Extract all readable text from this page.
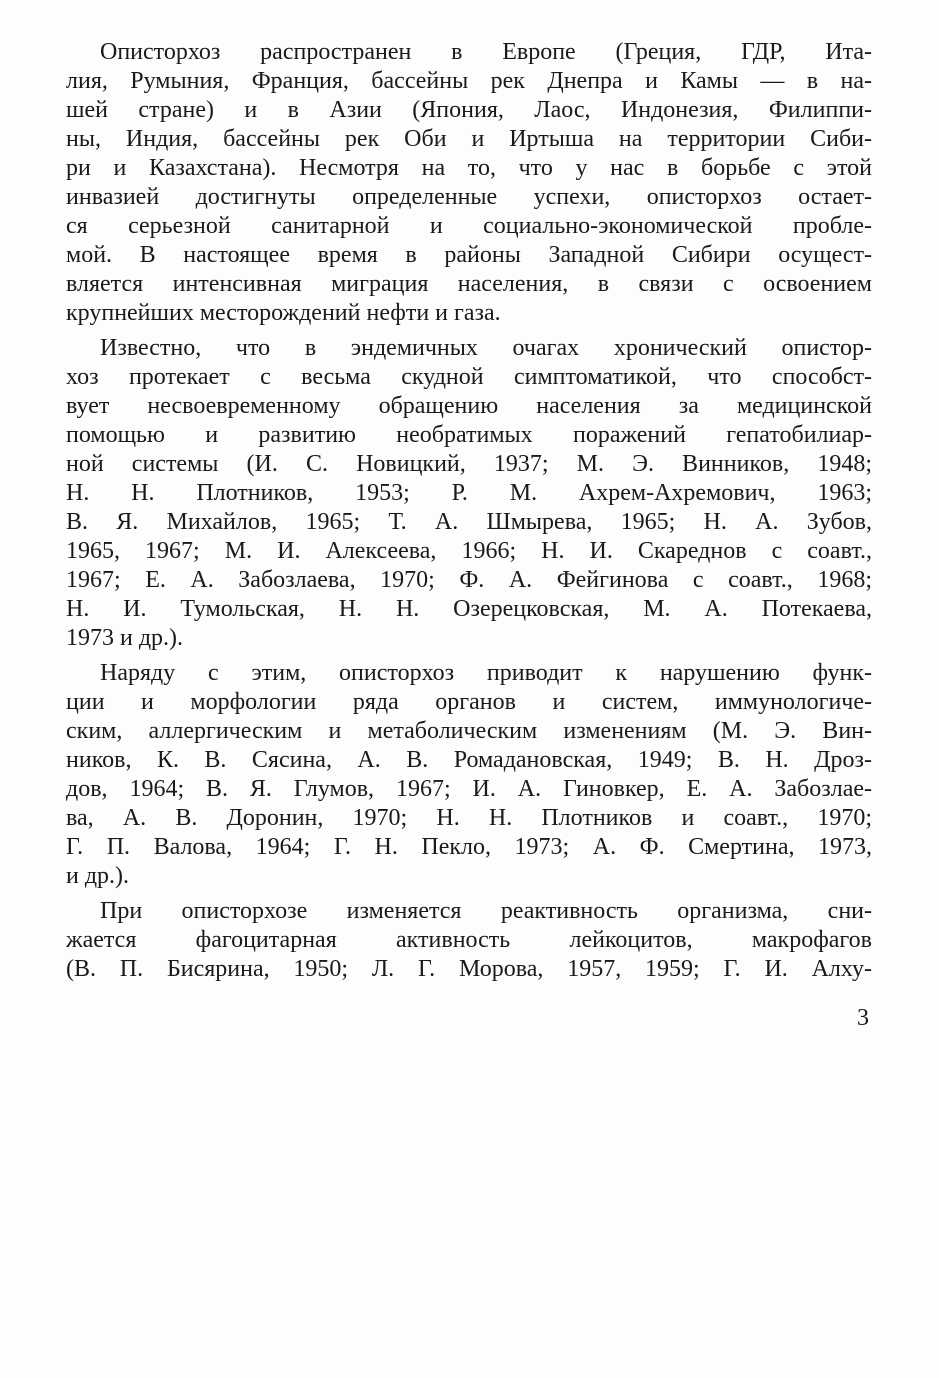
Описторхоз распространен в Европе (Греция, ГДР, Ита-
лия, Румыния, Франция, бассейны рек Днепра и Камы — в на-
шей стране) и в Азии (Япония, Лаос, Индонезия, Филиппи-
ны, Индия, бассейны рек Оби и Иртыша на территории Сиби-
ри и Казахстана). Несмотря на то, что у нас в борьбе с этой
инвазией достигнуты определенные успехи, описторхоз остает-
ся серьезной санитарной и социально-экономической пробле-
мой. В настоящее время в районы Западной Сибири осущест-
вляется интенсивная миграция населения, в связи с освоением
крупнейших месторождений нефти и газа.
Известно, что в эндемичных очагах хронический опистор-
хоз протекает с весьма скудной симптоматикой, что способст-
вует несвоевременному обращению населения за медицинской
помощью и развитию необратимых поражений гепатобилиар-
ной системы (И. С. Новицкий, 1937; М. Э. Винников, 1948;
Н. Н. Плотников, 1953; Р. М. Ахрем-Ахремович, 1963;
В. Я. Михайлов, 1965; Т. А. Шмырева, 1965; Н. А. Зубов,
1965, 1967; М. И. Алексеева, 1966; Н. И. Скареднов с соавт.,
1967; Е. А. Забозлаева, 1970; Ф. А. Фейгинова с соавт., 1968;
Н. И. Тумольская, Н. Н. Озерецковская, М. А. Потекаева,
1973 и др.).
Наряду с этим, описторхоз приводит к нарушению функ-
ции и морфологии ряда органов и систем, иммунологиче-
ским, аллергическим и метаболическим изменениям (М. Э. Вин-
ников, К. В. Сясина, А. В. Ромадановская, 1949; В. Н. Дроз-
дов, 1964; В. Я. Глумов, 1967; И. А. Гиновкер, Е. А. Забозлае-
ва, А. В. Доронин, 1970; Н. Н. Плотников и соавт., 1970;
Г. П. Валова, 1964; Г. Н. Пекло, 1973; А. Ф. Смертина, 1973,
и др.).
При описторхозе изменяется реактивность организма, сни-
жается фагоцитарная активность лейкоцитов, макрофагов
(В. П. Бисярина, 1950; Л. Г. Морова, 1957, 1959; Г. И. Алху-
3
